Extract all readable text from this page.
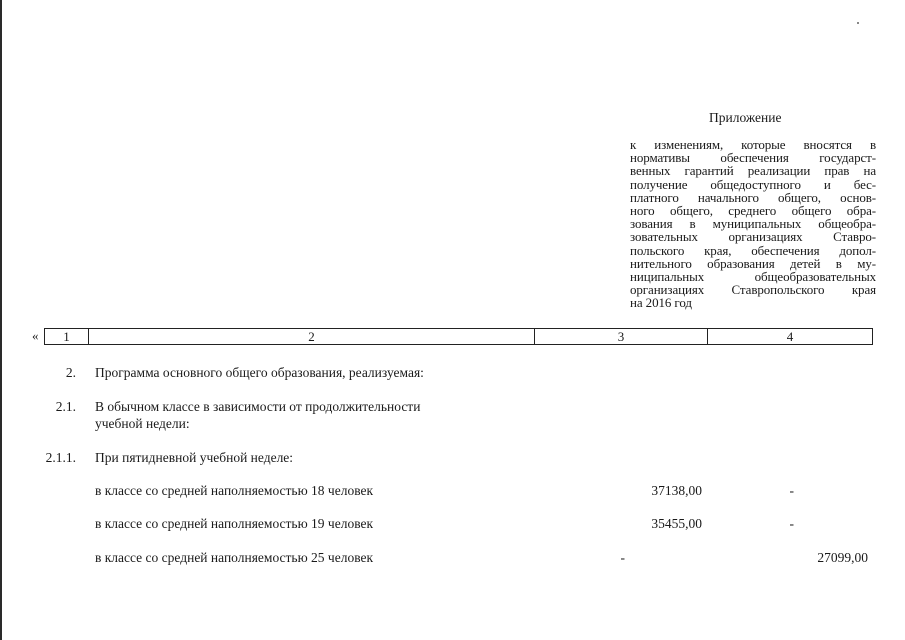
Приложение
к изменениям, которые вносятся в
нормативы обеспечения государст-
венных гарантий реализации прав на
получение общедоступного и бес-
платного начального общего, основ-
ного общего, среднего общего обра-
зования в муниципальных общеобра-
зовательных организациях Ставро-
польского края, обеспечения допол-
нительного образования детей в му-
ниципальных общеобразовательных
организациях Ставропольского края
на 2016 год
«	1	2	3	4
2. Программа основного общего образования, реализуемая:
2.1. В обычном классе в зависимости от продолжительности
учебной недели:
2.1.1. При пятидневной учебной неделе:
в классе со средней наполняемостью 18 человек	37138,00	-
в классе со средней наполняемостью 19 человек	35455,00	-
в классе со средней наполняемостью 25 человек	-	27099,00
